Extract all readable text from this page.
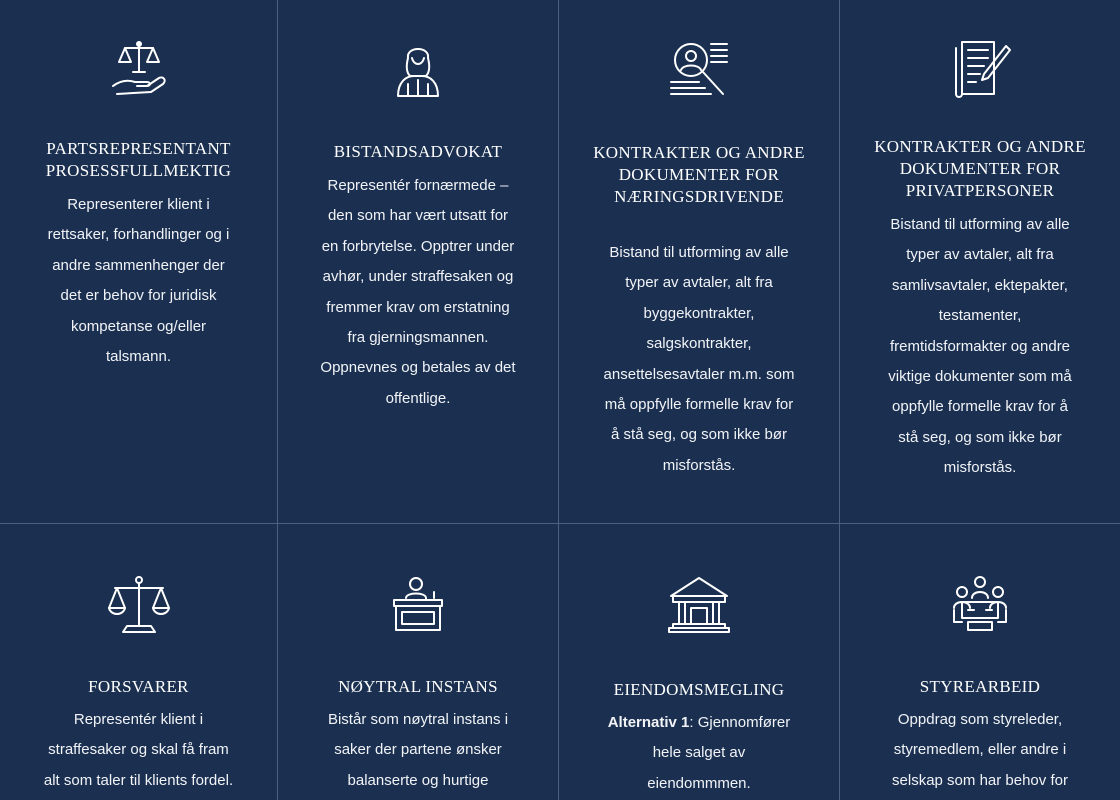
PARTSREPRESENTANT PROSESSFULLMEKTIG
Representerer klient i rettsaker, forhandlinger og i andre sammenhenger der det er behov for juridisk kompetanse og/eller talsmann.
BISTANDSADVOKAT
Representér fornærmede – den som har vært utsatt for en forbrytelse. Opptrer under avhør, under straffesaken og fremmer krav om erstatning fra gjerningsmannen. Oppnevnes og betales av det offentlige.
KONTRAKTER OG ANDRE DOKUMENTER FOR NÆRINGSDRIVENDE
Bistand til utforming av alle typer av avtaler, alt fra byggekontrakter, salgskontrakter, ansettelsesavtaler m.m. som må oppfylle formelle krav for å stå seg, og som ikke bør misforstås.
KONTRAKTER OG ANDRE DOKUMENTER FOR PRIVATPERSONER
Bistand til utforming av alle typer av avtaler, alt fra samlivsavtaler, ektepakter, testamenter, fremtidsformakter og andre viktige dokumenter som må oppfylle formelle krav for å stå seg, og som ikke bør misforstås.
FORSVARER
Representér klient i straffesaker og skal få fram alt som taler til klients fordel.
NØYTRAL INSTANS
Bistår som nøytral instans i saker der partene ønsker balanserte og hurtige
EIENDOMSMEGLING
Alternativ 1: Gjennomfører hele salget av eiendommmen.
STYREARBEID
Oppdrag som styreleder, styremedlem, eller andre i selskap som har behov for
